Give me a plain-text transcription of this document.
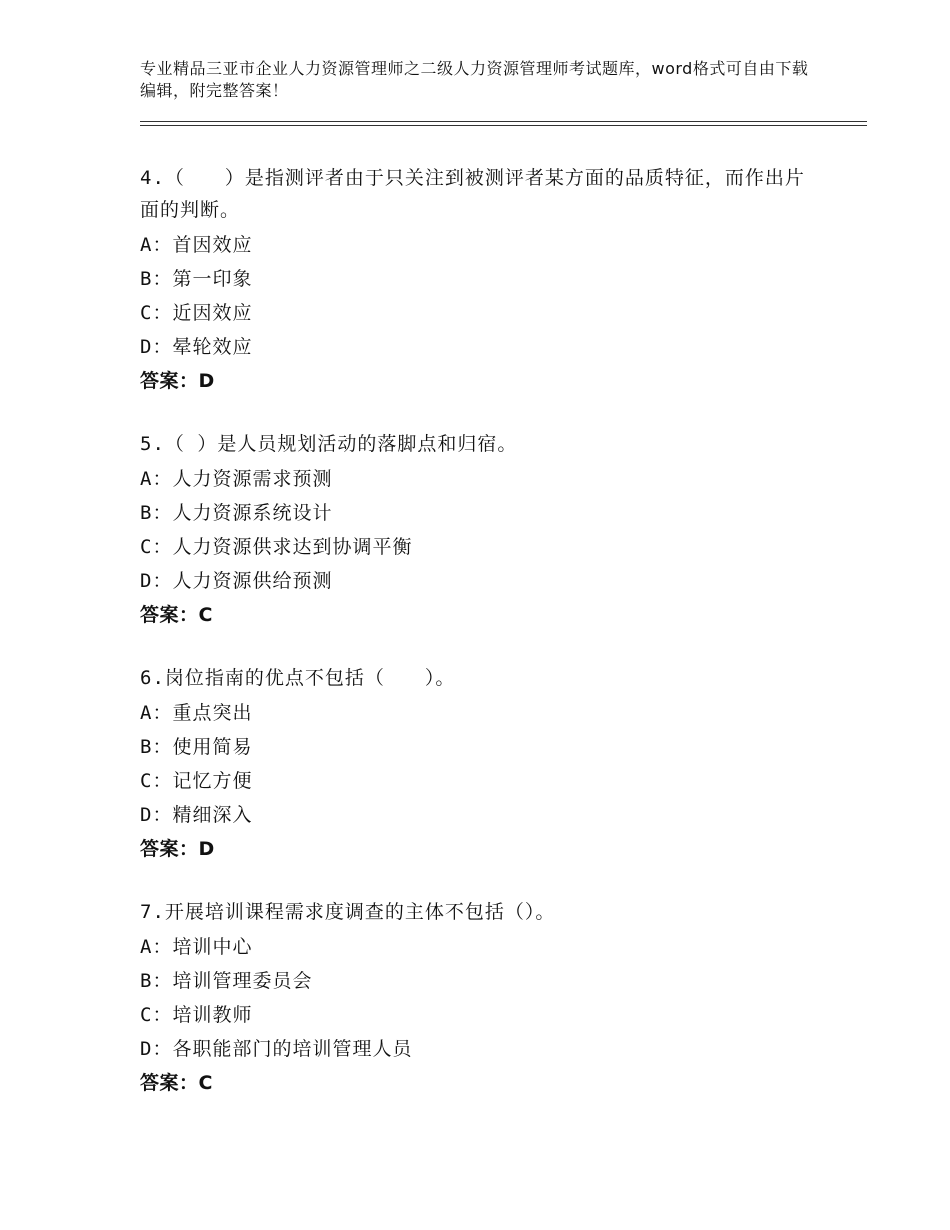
专业精品三亚市企业人力资源管理师之二级人力资源管理师考试题库，word格式可自由下载编辑，附完整答案！
4.（　　）是指测评者由于只关注到被测评者某方面的品质特征，而作出片面的判断。
A：首因效应
B：第一印象
C：近因效应
D：晕轮效应
答案：D
5.（ ）是人员规划活动的落脚点和归宿。
A：人力资源需求预测
B：人力资源系统设计
C：人力资源供求达到协调平衡
D：人力资源供给预测
答案：C
6.岗位指南的优点不包括（　　）。
A：重点突出
B：使用简易
C：记忆方便
D：精细深入
答案：D
7.开展培训课程需求度调查的主体不包括（）。
A：培训中心
B：培训管理委员会
C：培训教师
D：各职能部门的培训管理人员
答案：C
